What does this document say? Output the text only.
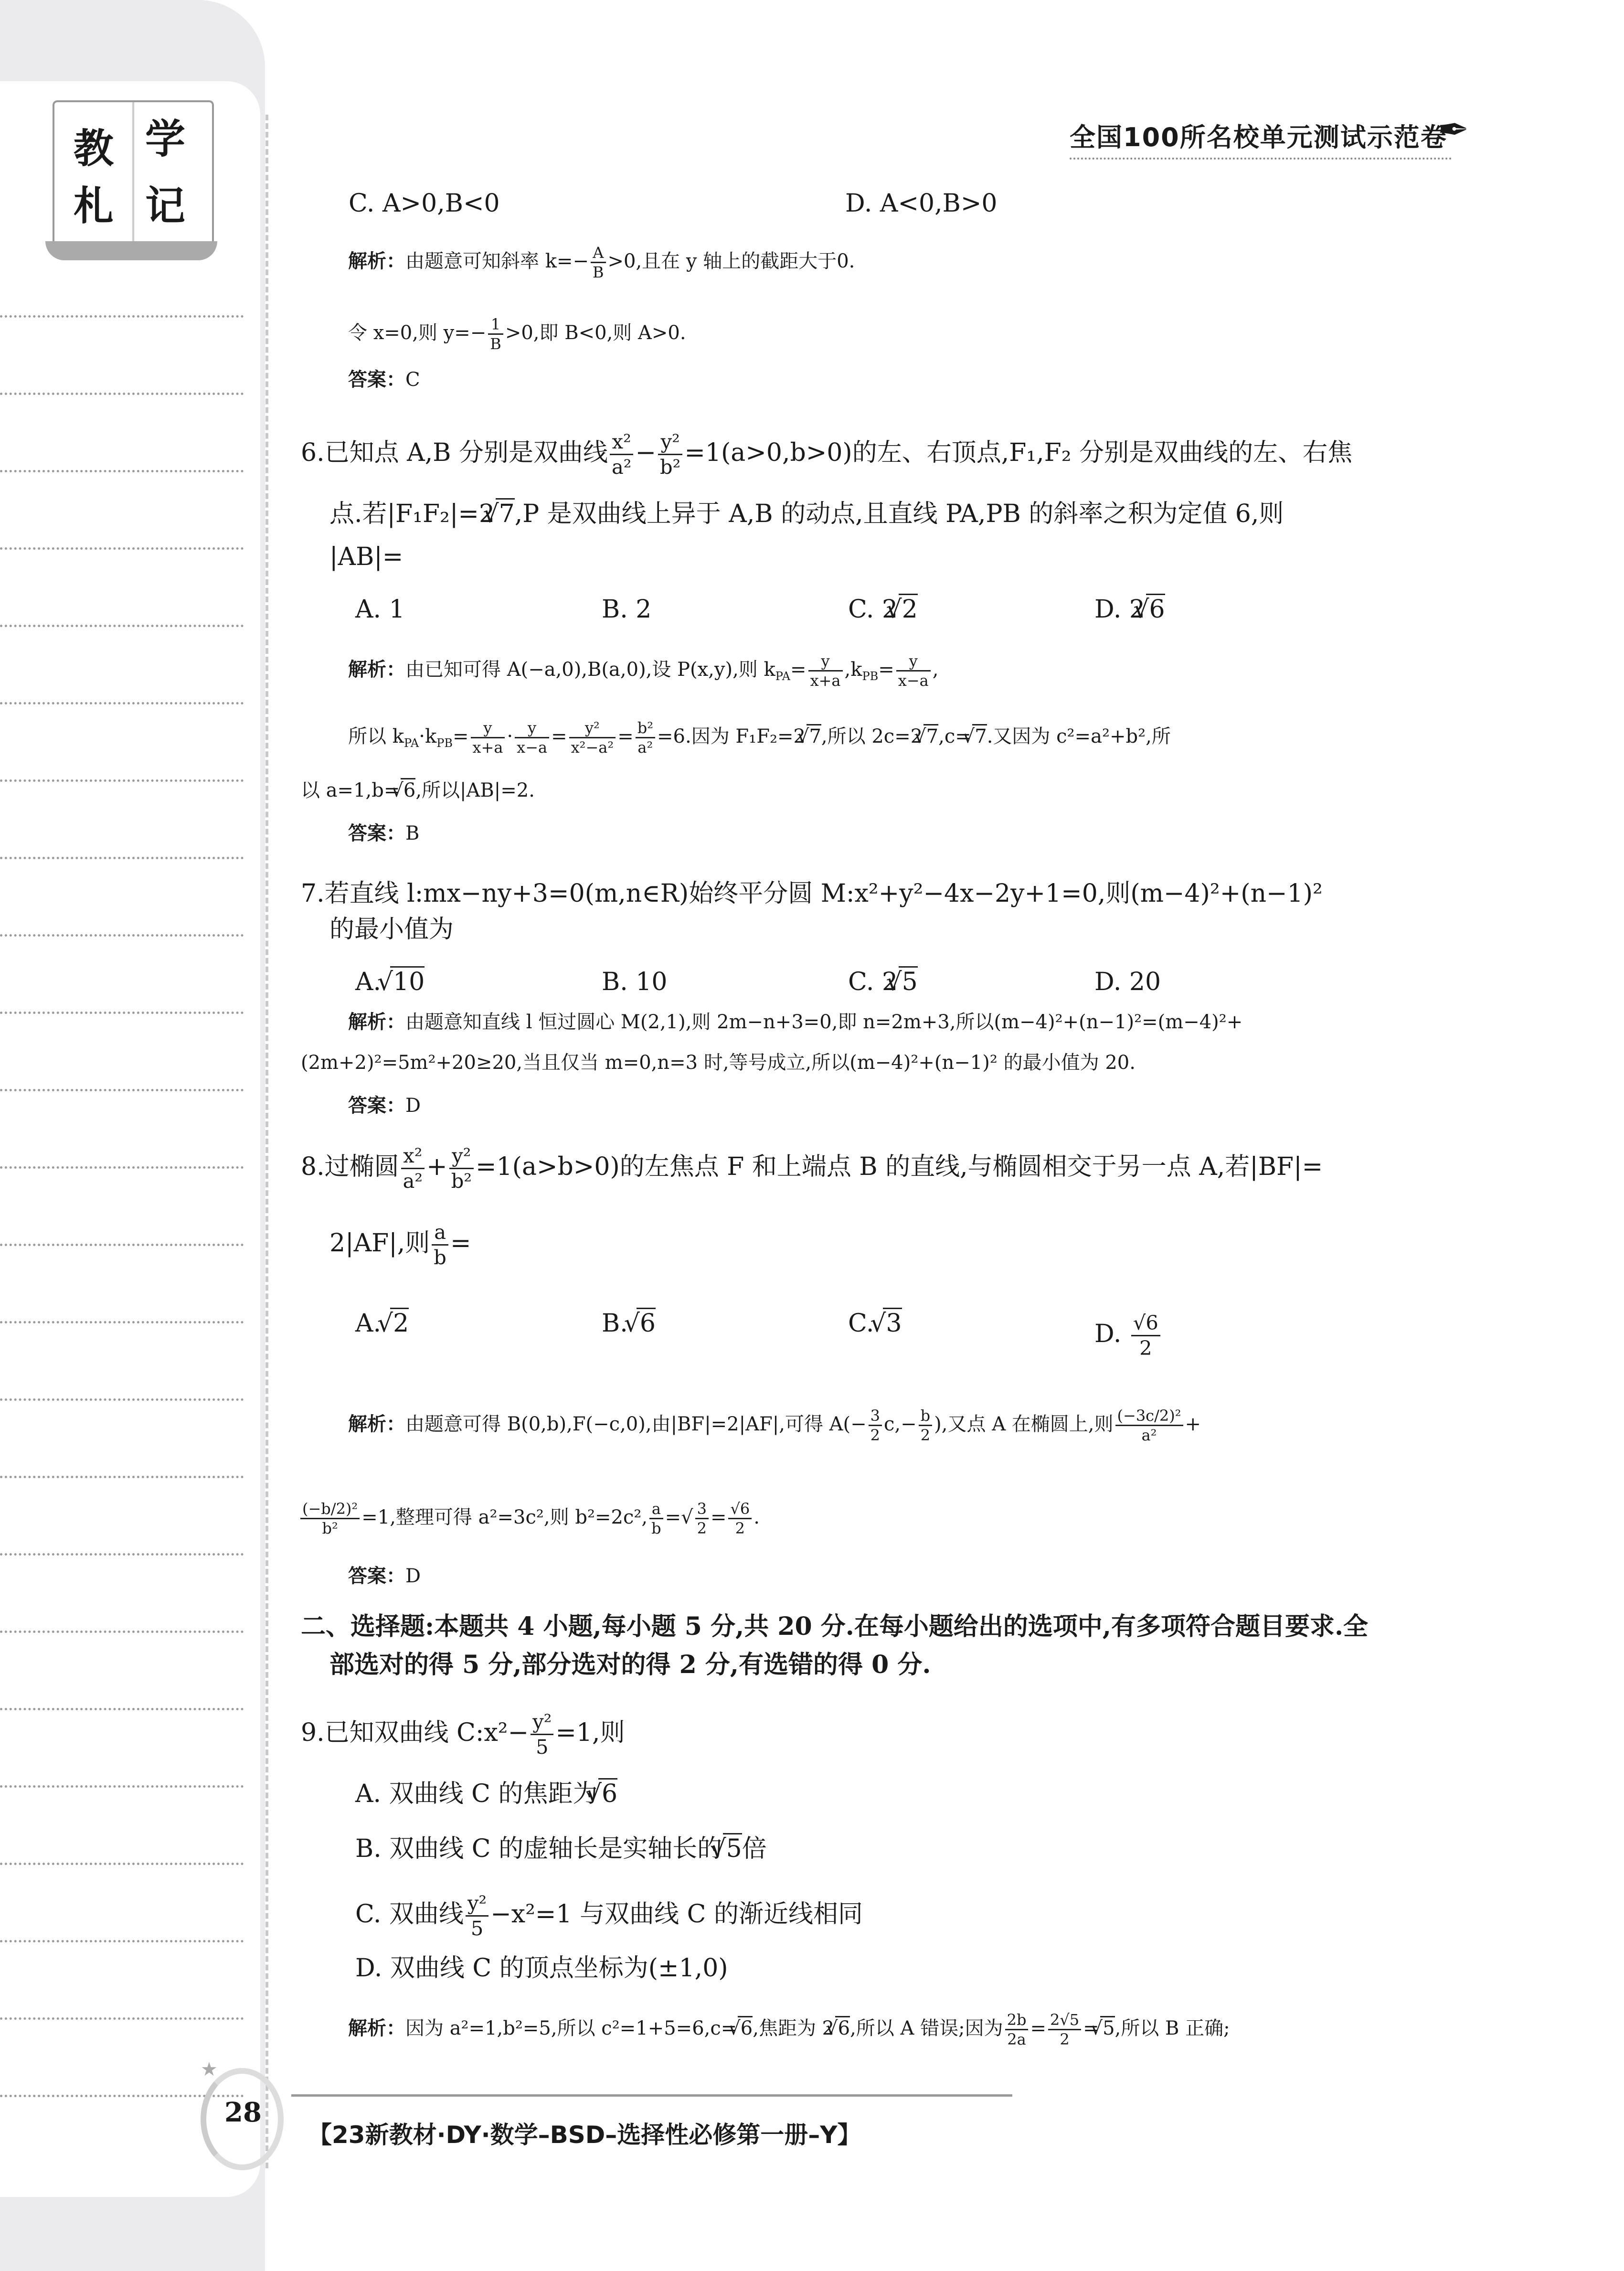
教 学
札 记
全国100所名校单元测试示范卷
✒
C. A>0,B<0	D. A<0,B>0
解析：由题意可知斜率 $k=- \frac{A}{B} >0$,且在 y 轴上的截距大于0.
令 x=0,则 $y=- \frac{1}{B} >0$,即 B<0,则 A>0.
答案：C
6.已知点 A,B 分别是双曲线 $\frac{\text{x²}}{\text{a²}} - \frac{\text{y²}}{\text{b²}} =1(a>0,b>0)$的左、右顶点,F₁,F₂ 分别是双曲线的左、右焦
点.若|F₁F₂|=2 √ 7,P 是双曲线上异于 A,B 的动点,且直线 PA,PB 的斜率之积为定值 6,则
|AB|=
A. 1	B. 2	C. 2 √ 2	D. 2 √ 6
解析：由已知可得 A(−a,0),B(a,0),设 P(x,y),则 $k_{PA}= \frac{y}{x+a} ,k_{PB}= \frac{y}{x-a}$ ,
所以 $k_{PA}\cdot k_{PB}= \frac{y}{x+a} \cdot \frac{y}{x-a} = \frac{\text{y²}}{\text{x²−a²}} = \frac{\text{b²}}{\text{a²}} =6$.因为 F₁F₂=2 √ 7,所以 2c=2 √ 7,c= √ 7.又因为 c²=a²+b²,所
以 a=1,b= √ 6,所以|AB|=2.
答案：B
7.若直线 l:mx−ny+3=0(m,n∈R)始终平分圆 M:x²+y²−4x−2y+1=0,则(m−4)²+(n−1)²
的最小值为
A. √ 10	B. 10	C. 2 √ 5	D. 20
解析：由题意知直线 l 恒过圆心 M(2,1),则 2m−n+3=0,即 n=2m+3,所以(m−4)²+(n−1)²=(m−4)²+
(2m+2)²=5m²+20≥20,当且仅当 m=0,n=3 时,等号成立,所以(m−4)²+(n−1)² 的最小值为 20.
答案：D
8.过椭圆 $\frac{\text{x²}}{\text{a²}} + \frac{\text{y²}}{\text{b²}} =1(a>b>0)$的左焦点 F 和上端点 B 的直线,与椭圆相交于另一点 A,若|BF|=
2|AF|,则 $\frac{a}{b}$ =
A. √ 2	B. √ 6	C. √ 3	D. $\frac{√6}{2}$
解析：由题意可得 B(0,b),F(−c,0),由|BF|=2|AF|,可得 $A(- \frac{3}{2} c,- \frac{b}{2}$ ),又点 A 在椭圆上,则 $\frac{\text{(−3c/2)²}}{\text{a²}}$ +
$\frac{\text{(−b/2)²}}{\text{b²}} =1$,整理可得 a²=3c²,则 b²=2c², $\frac{a}{b}$ =√ $\frac{3}{2} = \frac{√6}{2}$ .
答案：D
二、选择题:本题共 4 小题,每小题 5 分,共 20 分.在每小题给出的选项中,有多项符合题目要求.全
部选对的得 5 分,部分选对的得 2 分,有选错的得 0 分.
9.已知双曲线 C:x²− $\frac{\text{y²}}{5} =1$,则
A. 双曲线 C 的焦距为 √ 6
B. 双曲线 C 的虚轴长是实轴长的 √ 5倍
C. 双曲线 $\frac{\text{y²}}{5} -x^2=1$ 与双曲线 C 的渐近线相同
D. 双曲线 C 的顶点坐标为(±1,0)
解析：因为 a²=1,b²=5,所以 c²=1+5=6,c= √ 6,焦距为 2 √ 6,所以 A 错误;因为 $\frac{2b}{2a} = \frac{2√5}{2}$ = √ 5,所以 B 正确;
★
28
【23新教材·DY·数学–BSD–选择性必修第一册–Y】
